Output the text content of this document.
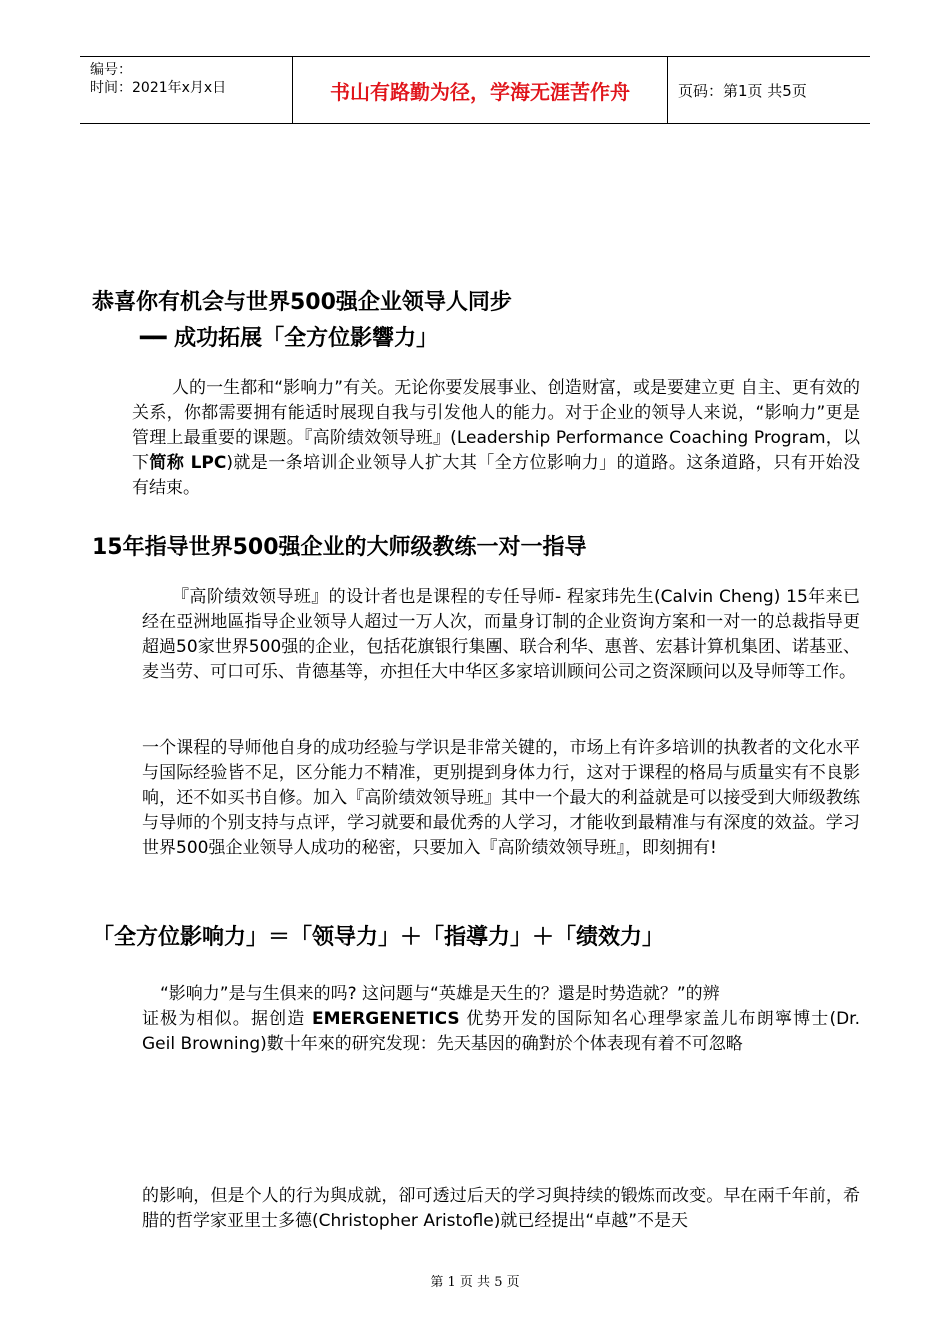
编号：
时间：2021年x月x日	书山有路勤为径，学海无涯苦作舟	页码：第1页 共5页
恭喜你有机会与世界500强企业领导人同步
━━ 成功拓展「全方位影響力」
人的一生都和“影响力”有关。无论你要发展事业、创造财富，或是要建立更 自主、更有效的关系，你都需要拥有能适时展现自我与引发他人的能力。对于企业的领导人来说，“影响力”更是管理上最重要的课题。『高阶绩效领导班』(Leadership Performance Coaching Program，以下简称 LPC)就是一条培训企业领导人扩大其「全方位影响力」的道路。这条道路，只有开始没有结束。
15年指导世界500强企业的大师级教练一对一指导
『高阶绩效领导班』的设计者也是课程的专任导师- 程家玮先生(Calvin Cheng) 15年来已经在亞洲地區指导企业领导人超过一万人次，而量身订制的企业资询方案和一对一的总裁指导更超過50家世界500强的企业，包括花旗银行集團、联合利华、惠普、宏碁计算机集团、诺基亚、麦当劳、可口可乐、肯德基等，亦担任大中华区多家培训顾问公司之资深顾问以及导师等工作。
一个课程的导师他自身的成功经验与学识是非常关键的，市场上有许多培训的执教者的文化水平与国际经验皆不足，区分能力不精准，更别提到身体力行，这对于课程的格局与质量实有不良影响，还不如买书自修。加入『高阶绩效领导班』其中一个最大的利益就是可以接受到大师级教练与导师的个别支持与点评，学习就要和最优秀的人学习，才能收到最精准与有深度的效益。学习世界500强企业领导人成功的秘密，只要加入『高阶绩效领导班』，即刻拥有!
「全方位影响力」＝「领导力」＋「指導力」＋「绩效力」
“影响力”是与生俱来的吗? 这问题与“英雄是天生的？還是时势造就？”的辨
证极为相似。据创造 EMERGENETICS 优势开发的国际知名心理學家盖儿布朗寧博士(Dr. Geil Browning)數十年來的研究发现：先天基因的确對於个体表现有着不可忽略
的影响，但是个人的行为與成就，卻可透过后天的学习與持续的锻炼而改变。早在兩千年前，希腊的哲学家亚里士多德(Christopher Aristofle)就已经提出“卓越”不是天
第 1 页 共 5 页
